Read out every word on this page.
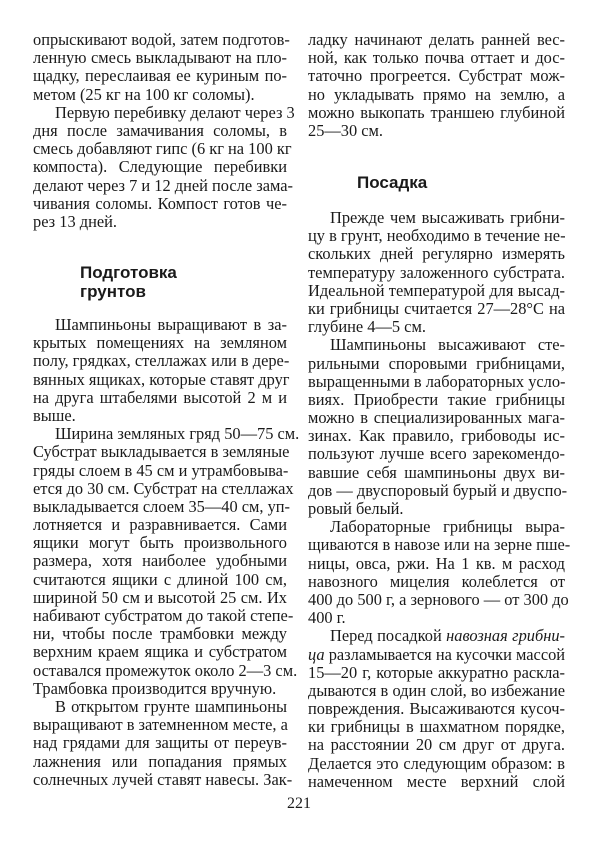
опрыскивают водой, затем подготов-
ленную смесь выкладывают на пло-
щадку, переслаивая ее куриным по-
метом (25 кг на 100 кг соломы).
Первую перебивку делают через 3
дня после замачивания соломы, в
смесь добавляют гипс (6 кг на 100 кг
компоста). Следующие перебивки
делают через 7 и 12 дней после зама-
чивания соломы. Компост готов че-
рез 13 дней.
Подготовка
грунтов
Шампиньоны выращивают в за-
крытых помещениях на земляном
полу, грядках, стеллажах или в дере-
вянных ящиках, которые ставят друг
на друга штабелями высотой 2 м и
выше.
Ширина земляных гряд 50—75 см.
Субстрат выкладывается в земляные
гряды слоем в 45 см и утрамбовыва-
ется до 30 см. Субстрат на стеллажах
выкладывается слоем 35—40 см, уп-
лотняется и разравнивается. Сами
ящики могут быть произвольного
размера, хотя наиболее удобными
считаются ящики с длиной 100 см,
шириной 50 см и высотой 25 см. Их
набивают субстратом до такой степе-
ни, чтобы после трамбовки между
верхним краем ящика и субстратом
оставался промежуток около 2—3 см.
Трамбовка производится вручную.
В открытом грунте шампиньоны
выращивают в затемненном месте, а
над грядами для защиты от переув-
лажнения или попадания прямых
солнечных лучей ставят навесы. Зак-
ладку начинают делать ранней вес-
ной, как только почва оттает и дос-
таточно прогреется. Субстрат мож-
но укладывать прямо на землю, а
можно выкопать траншею глубиной
25—30 см.
Посадка
Прежде чем высаживать грибни-
цу в грунт, необходимо в течение не-
скольких дней регулярно измерять
температуру заложенного субстрата.
Идеальной температурой для высад-
ки грибницы считается 27—28°С на
глубине 4—5 см.
Шампиньоны высаживают сте-
рильными споровыми грибницами,
выращенными в лабораторных усло-
виях. Приобрести такие грибницы
можно в специализированных мага-
зинах. Как правило, грибоводы ис-
пользуют лучше всего зарекомендо-
вавшие себя шампиньоны двух ви-
дов — двуспоровый бурый и двуспо-
ровый белый.
Лабораторные грибницы выра-
щиваются в навозе или на зерне пше-
ницы, овса, ржи. На 1 кв. м расход
навозного мицелия колеблется от
400 до 500 г, а зернового — от 300 до
400 г.
Перед посадкой навозная грибни-
ца разламывается на кусочки массой
15—20 г, которые аккуратно раскла-
дываются в один слой, во избежание
повреждения. Высаживаются кусоч-
ки грибницы в шахматном порядке,
на расстоянии 20 см друг от друга.
Делается это следующим образом: в
намеченном месте верхний слой
221
